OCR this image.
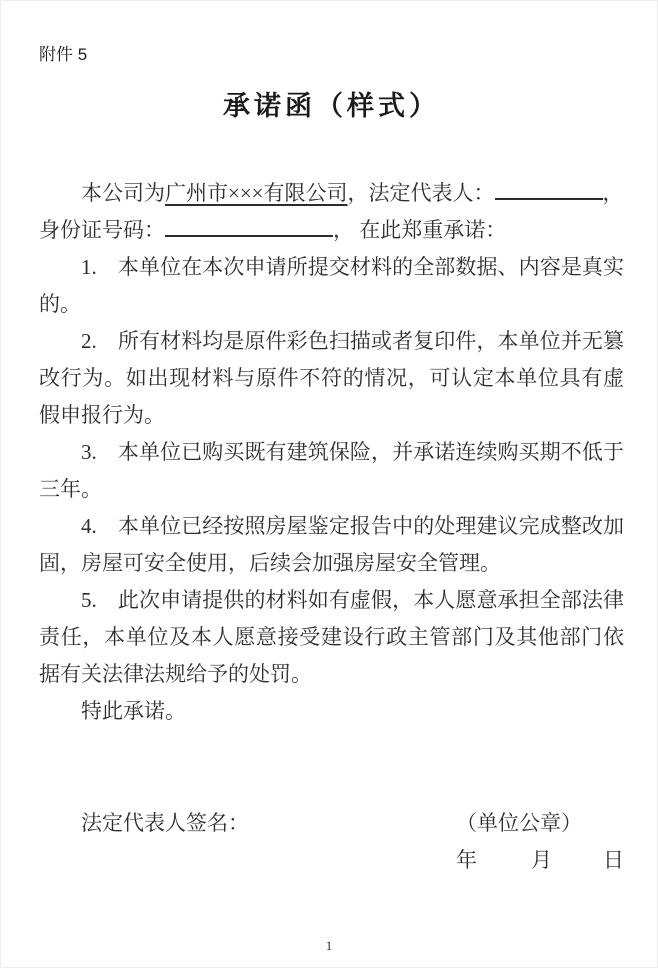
附件 5
承诺函（样式）

本公司为广州市×××有限公司，法定代表人：	，

身份证号码：	， 在此郑重承诺：

1.　本单位在本次申请所提交材料的全部数据、内容是真实的。

2.　所有材料均是原件彩色扫描或者复印件，本单位并无篡改行为。如出现材料与原件不符的情况，可认定本单位具有虚假申报行为。

3.　本单位已购买既有建筑保险，并承诺连续购买期不低于三年。

4.　本单位已经按照房屋鉴定报告中的处理建议完成整改加固，房屋可安全使用，后续会加强房屋安全管理。

5.　此次申请提供的材料如有虚假，本人愿意承担全部法律责任，本单位及本人愿意接受建设行政主管部门及其他部门依据有关法律法规给予的处罚。

特此承诺。

法定代表人签名：	（单位公章）
年	月 日
1
